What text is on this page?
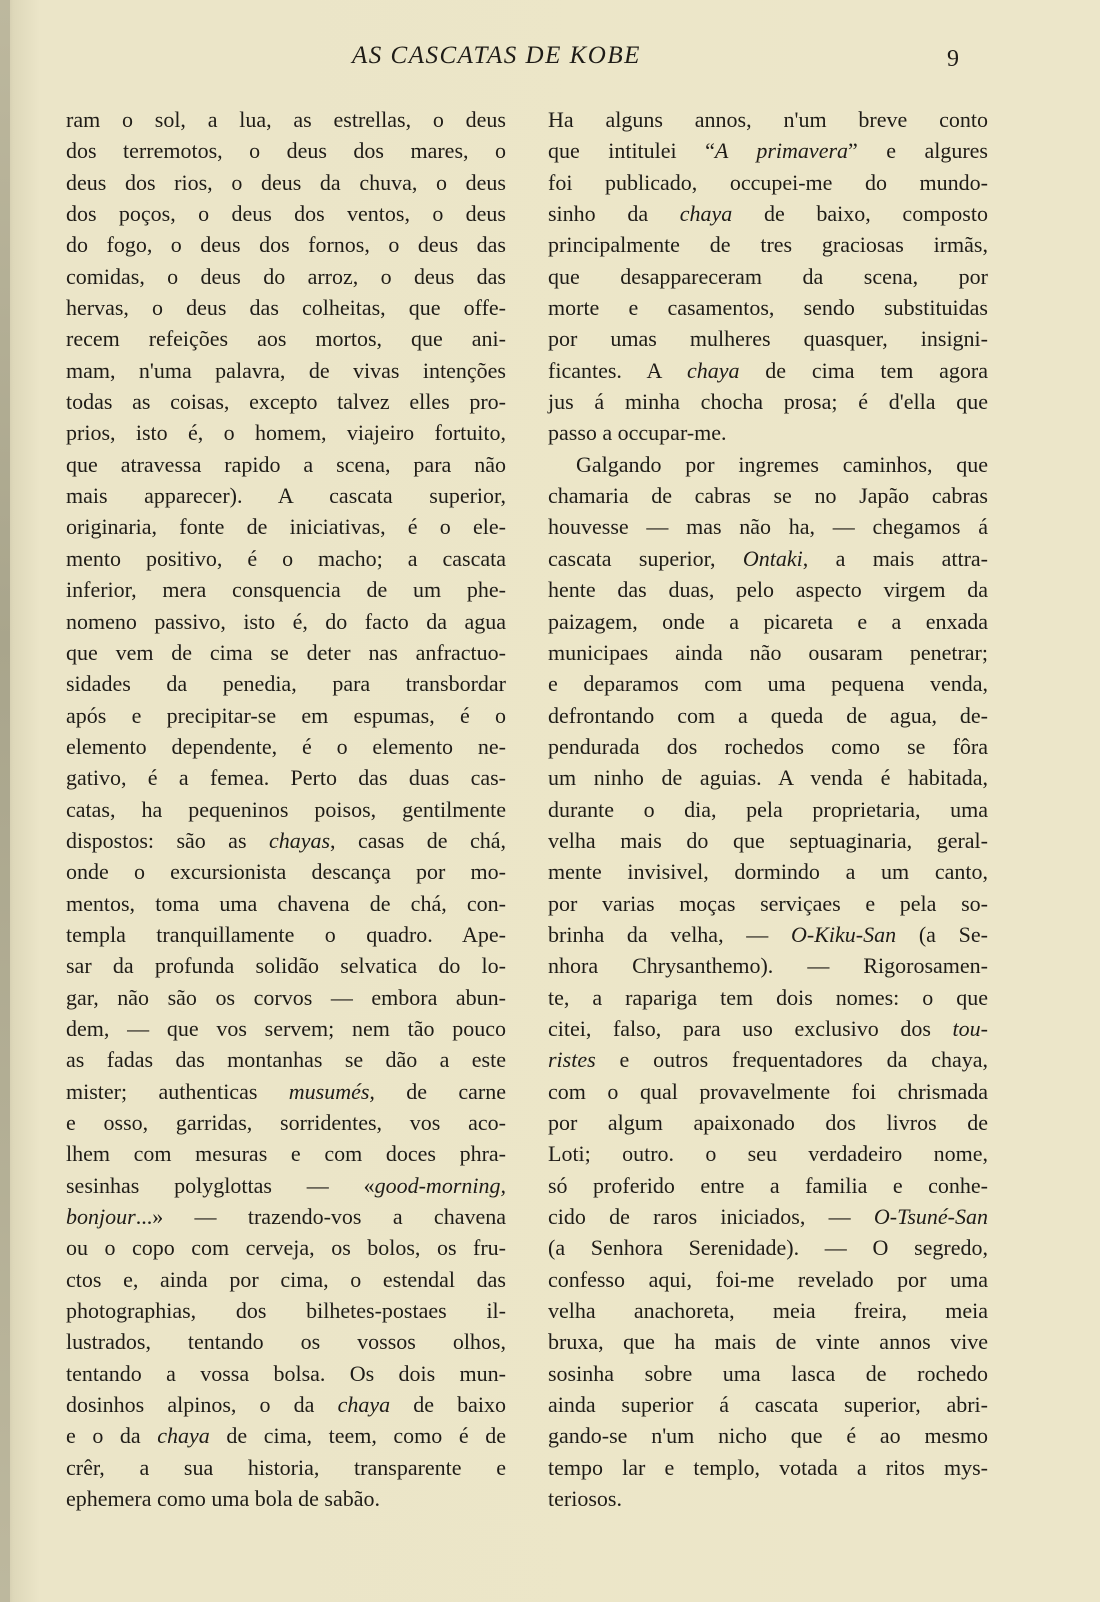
AS CASCATAS DE KOBE	9
ram o sol, a lua, as estrellas, o deus
dos terremotos, o deus dos mares, o
deus dos rios, o deus da chuva, o deus
dos poços, o deus dos ventos, o deus
do fogo, o deus dos fornos, o deus das
comidas, o deus do arroz, o deus das
hervas, o deus das colheitas, que offe-
recem refeições aos mortos, que ani-
mam, n'uma palavra, de vivas intenções
todas as coisas, excepto talvez elles pro-
prios, isto é, o homem, viajeiro fortuito,
que atravessa rapido a scena, para não
mais apparecer). A cascata superior,
originaria, fonte de iniciativas, é o ele-
mento positivo, é o macho; a cascata
inferior, mera consquencia de um phe-
nomeno passivo, isto é, do facto da agua
que vem de cima se deter nas anfractuo-
sidades da penedia, para transbordar
após e precipitar-se em espumas, é o
elemento dependente, é o elemento ne-
gativo, é a femea. Perto das duas cas-
catas, ha pequeninos poisos, gentilmente
dispostos: são as chayas, casas de chá,
onde o excursionista descança por mo-
mentos, toma uma chavena de chá, con-
templa tranquillamente o quadro. Ape-
sar da profunda solidão selvatica do lo-
gar, não são os corvos — embora abun-
dem, — que vos servem; nem tão pouco
as fadas das montanhas se dão a este
mister; authenticas musumés, de carne
e osso, garridas, sorridentes, vos aco-
lhem com mesuras e com doces phra-
sesinhas polyglottas — «good-morning,
bonjour...» — trazendo-vos a chavena
ou o copo com cerveja, os bolos, os fru-
ctos e, ainda por cima, o estendal das
photographias, dos bilhetes-postaes il-
lustrados, tentando os vossos olhos,
tentando a vossa bolsa. Os dois mun-
dosinhos alpinos, o da chaya de baixo
e o da chaya de cima, teem, como é de
crêr, a sua historia, transparente e
ephemera como uma bola de sabão.
Ha alguns annos, n'um breve conto
que intitulei “A primavera” e algures
foi publicado, occupei-me do mundo-
sinho da chaya de baixo, composto
principalmente de tres graciosas irmãs,
que desappareceram da scena, por
morte e casamentos, sendo substituidas
por umas mulheres quasquer, insigni-
ficantes. A chaya de cima tem agora
jus á minha chocha prosa; é d'ella que
passo a occupar-me.
Galgando por ingremes caminhos, que
chamaria de cabras se no Japão cabras
houvesse — mas não ha, — chegamos á
cascata superior, Ontaki, a mais attra-
hente das duas, pelo aspecto virgem da
paizagem, onde a picareta e a enxada
municipaes ainda não ousaram penetrar;
e deparamos com uma pequena venda,
defrontando com a queda de agua, de-
pendurada dos rochedos como se fôra
um ninho de aguias. A venda é habitada,
durante o dia, pela proprietaria, uma
velha mais do que septuaginaria, geral-
mente invisivel, dormindo a um canto,
por varias moças serviçaes e pela so-
brinha da velha, — O-Kiku-San (a Se-
nhora Chrysanthemo). — Rigorosamen-
te, a rapariga tem dois nomes: o que
citei, falso, para uso exclusivo dos tou-
ristes e outros frequentadores da chaya,
com o qual provavelmente foi chrismada
por algum apaixonado dos livros de
Loti; outro. o seu verdadeiro nome,
só proferido entre a familia e conhe-
cido de raros iniciados, — O-Tsuné-San
(a Senhora Serenidade). — O segredo,
confesso aqui, foi-me revelado por uma
velha anachoreta, meia freira, meia
bruxa, que ha mais de vinte annos vive
sosinha sobre uma lasca de rochedo
ainda superior á cascata superior, abri-
gando-se n'um nicho que é ao mesmo
tempo lar e templo, votada a ritos mys-
teriosos.
